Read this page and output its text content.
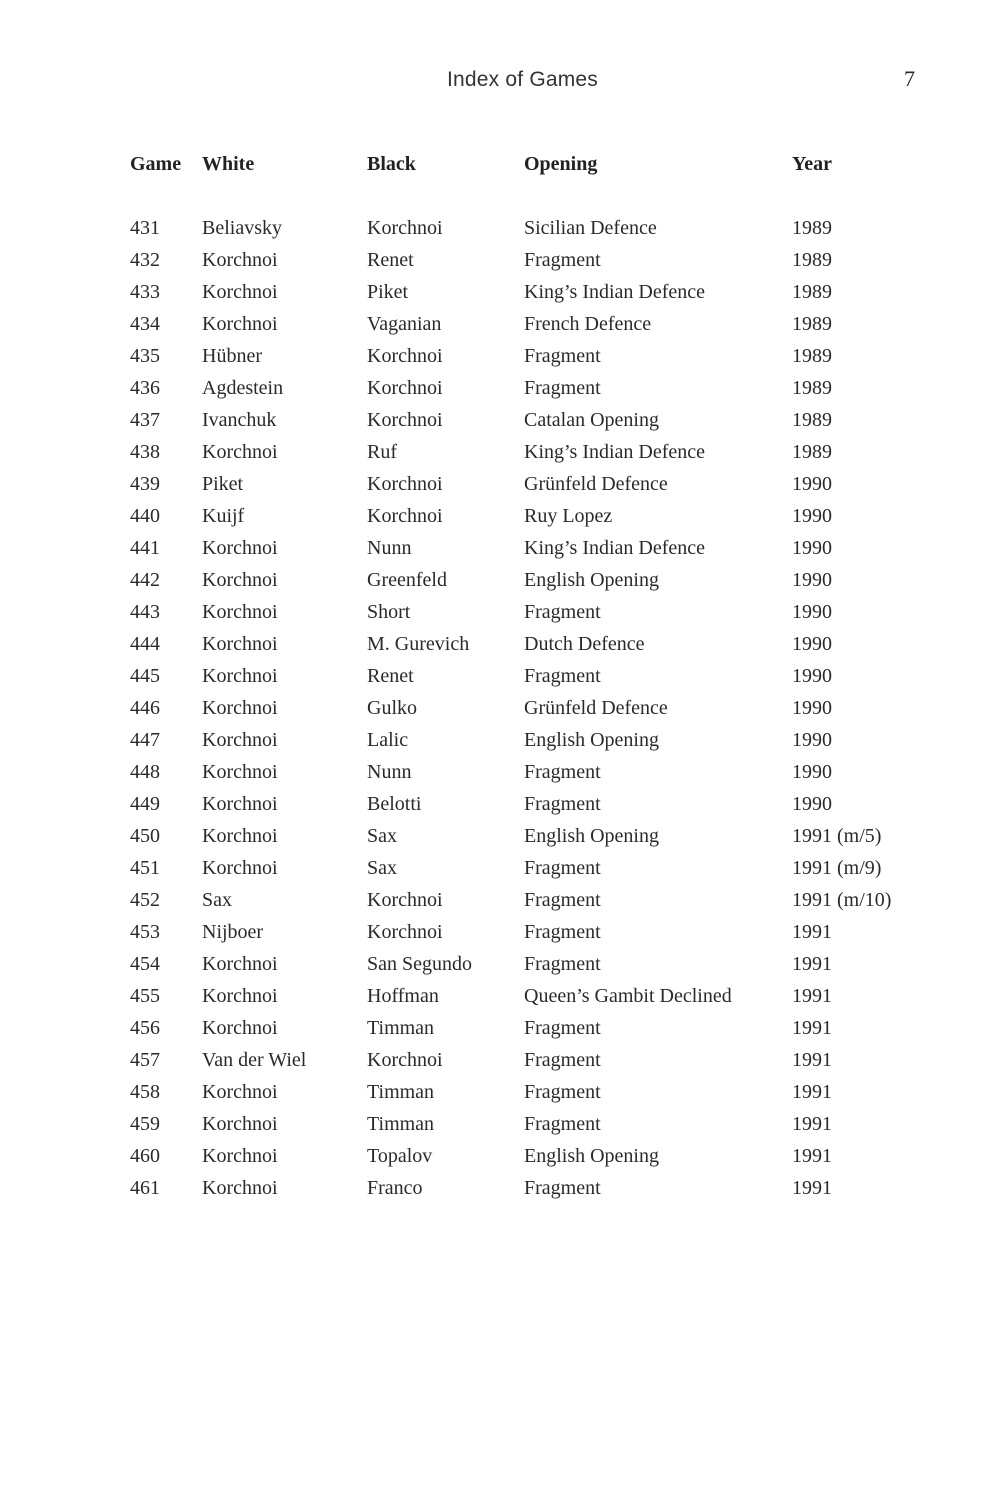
Index of Games	7
Game White	Black	Opening	Year
431 Beliavsky	Korchnoi	Sicilian Defence	1989
432 Korchnoi	Renet	Fragment	1989
433 Korchnoi	Piket	King’s Indian Defence	1989
434 Korchnoi	Vaganian	French Defence	1989
435 Hübner	Korchnoi	Fragment	1989
436 Agdestein	Korchnoi	Fragment	1989
437 Ivanchuk	Korchnoi	Catalan Opening	1989
438 Korchnoi	Ruf	King’s Indian Defence	1989
439 Piket	Korchnoi	Grünfeld Defence	1990
440 Kuijf	Korchnoi	Ruy Lopez	1990
441 Korchnoi	Nunn	King’s Indian Defence	1990
442 Korchnoi	Greenfeld	English Opening	1990
443 Korchnoi	Short	Fragment	1990
444 Korchnoi	M. Gurevich	Dutch Defence	1990
445 Korchnoi	Renet	Fragment	1990
446 Korchnoi	Gulko	Grünfeld Defence	1990
447 Korchnoi	Lalic	English Opening	1990
448 Korchnoi	Nunn	Fragment	1990
449 Korchnoi	Belotti	Fragment	1990
450 Korchnoi	Sax	English Opening	1991 (m/5)
451 Korchnoi	Sax	Fragment	1991 (m/9)
452 Sax	Korchnoi	Fragment	1991 (m/10)
453 Nijboer	Korchnoi	Fragment	1991
454 Korchnoi	San Segundo	Fragment	1991
455 Korchnoi	Hoffman	Queen’s Gambit Declined	1991
456 Korchnoi	Timman	Fragment	1991
457 Van der Wiel	Korchnoi	Fragment	1991
458 Korchnoi	Timman	Fragment	1991
459 Korchnoi	Timman	Fragment	1991
460 Korchnoi	Topalov	English Opening	1991
461 Korchnoi	Franco	Fragment	1991
